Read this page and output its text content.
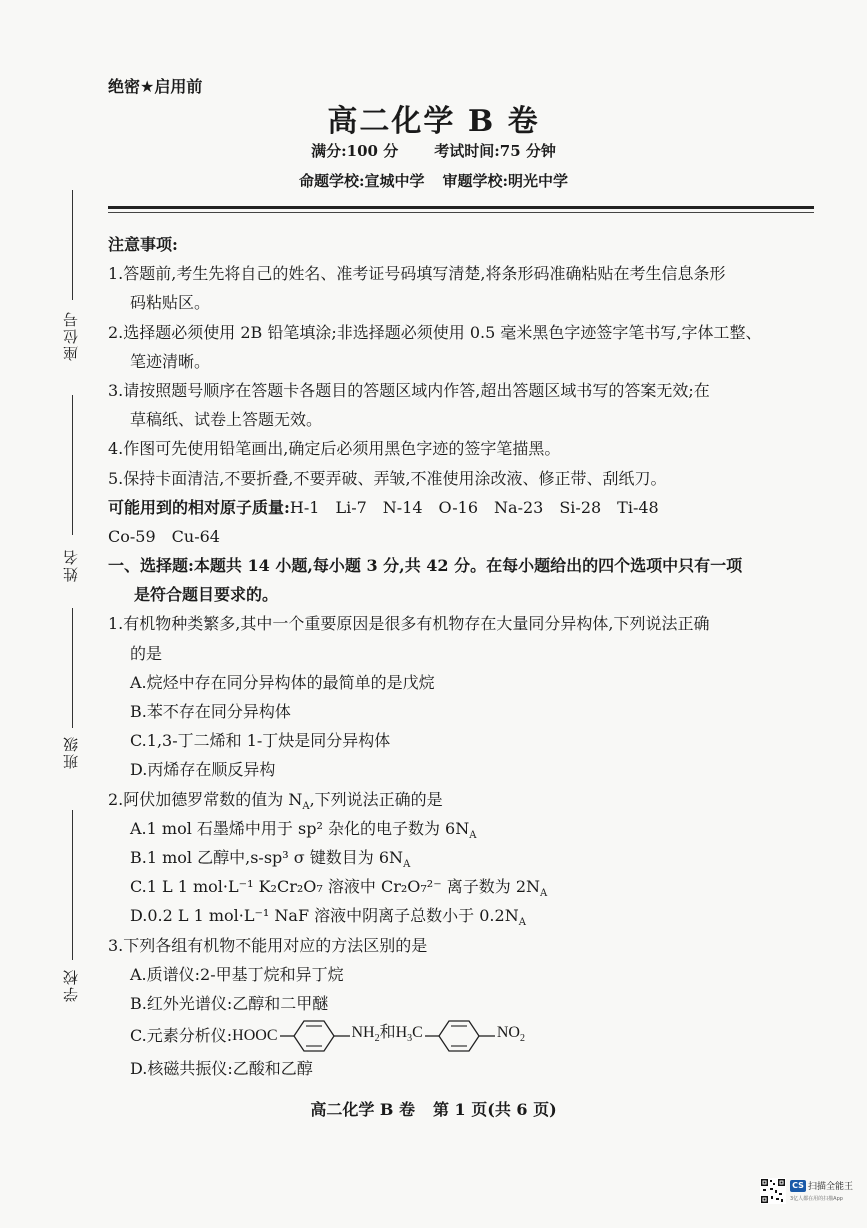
绝密★启用前
高二化学 B 卷
满分:100 分 考试时间:75 分钟
命题学校:宣城中学 审题学校:明光中学
座位号
姓名
班级
学校
注意事项:
1.答题前,考生先将自己的姓名、准考证号码填写清楚,将条形码准确粘贴在考生信息条形
码粘贴区。
2.选择题必须使用 2B 铅笔填涂;非选择题必须使用 0.5 毫米黑色字迹签字笔书写,字体工整、
笔迹清晰。
3.请按照题号顺序在答题卡各题目的答题区域内作答,超出答题区域书写的答案无效;在
草稿纸、试卷上答题无效。
4.作图可先使用铅笔画出,确定后必须用黑色字迹的签字笔描黑。
5.保持卡面清洁,不要折叠,不要弄破、弄皱,不准使用涂改液、修正带、刮纸刀。
可能用到的相对原子质量:H-1　Li-7　N-14　O-16　Na-23　Si-28　Ti-48
Co-59　Cu-64
一、选择题:本题共 14 小题,每小题 3 分,共 42 分。在每小题给出的四个选项中只有一项
是符合题目要求的。
1.有机物种类繁多,其中一个重要原因是很多有机物存在大量同分异构体,下列说法正确
的是
A.烷烃中存在同分异构体的最简单的是戊烷
B.苯不存在同分异构体
C.1,3-丁二烯和 1-丁炔是同分异构体
D.丙烯存在顺反异构
2.阿伏加德罗常数的值为 $N_A$,下列说法正确的是
A.1 mol 石墨烯中用于 sp² 杂化的电子数为 $6N_A$
B.1 mol 乙醇中,s-sp³ σ 键数目为 $6N_A$
C.1 L 1 mol·L⁻¹ K₂Cr₂O₇ 溶液中 Cr₂O₇²⁻ 离子数为 $2N_A$
D.0.2 L 1 mol·L⁻¹ NaF 溶液中阴离子总数小于 $0.2N_A$
3.下列各组有机物不能用对应的方法区别的是
A.质谱仪:2-甲基丁烷和异丁烷
B.红外光谱仪:乙醇和二甲醚
C.元素分析仪: HOOC	$NH_2$和$H_3C$	$NO_2$
D.核磁共振仪:乙酸和乙醇
高二化学 B 卷 第 1 页(共 6 页)
CS 扫描全能王
3亿人都在用的扫描App
